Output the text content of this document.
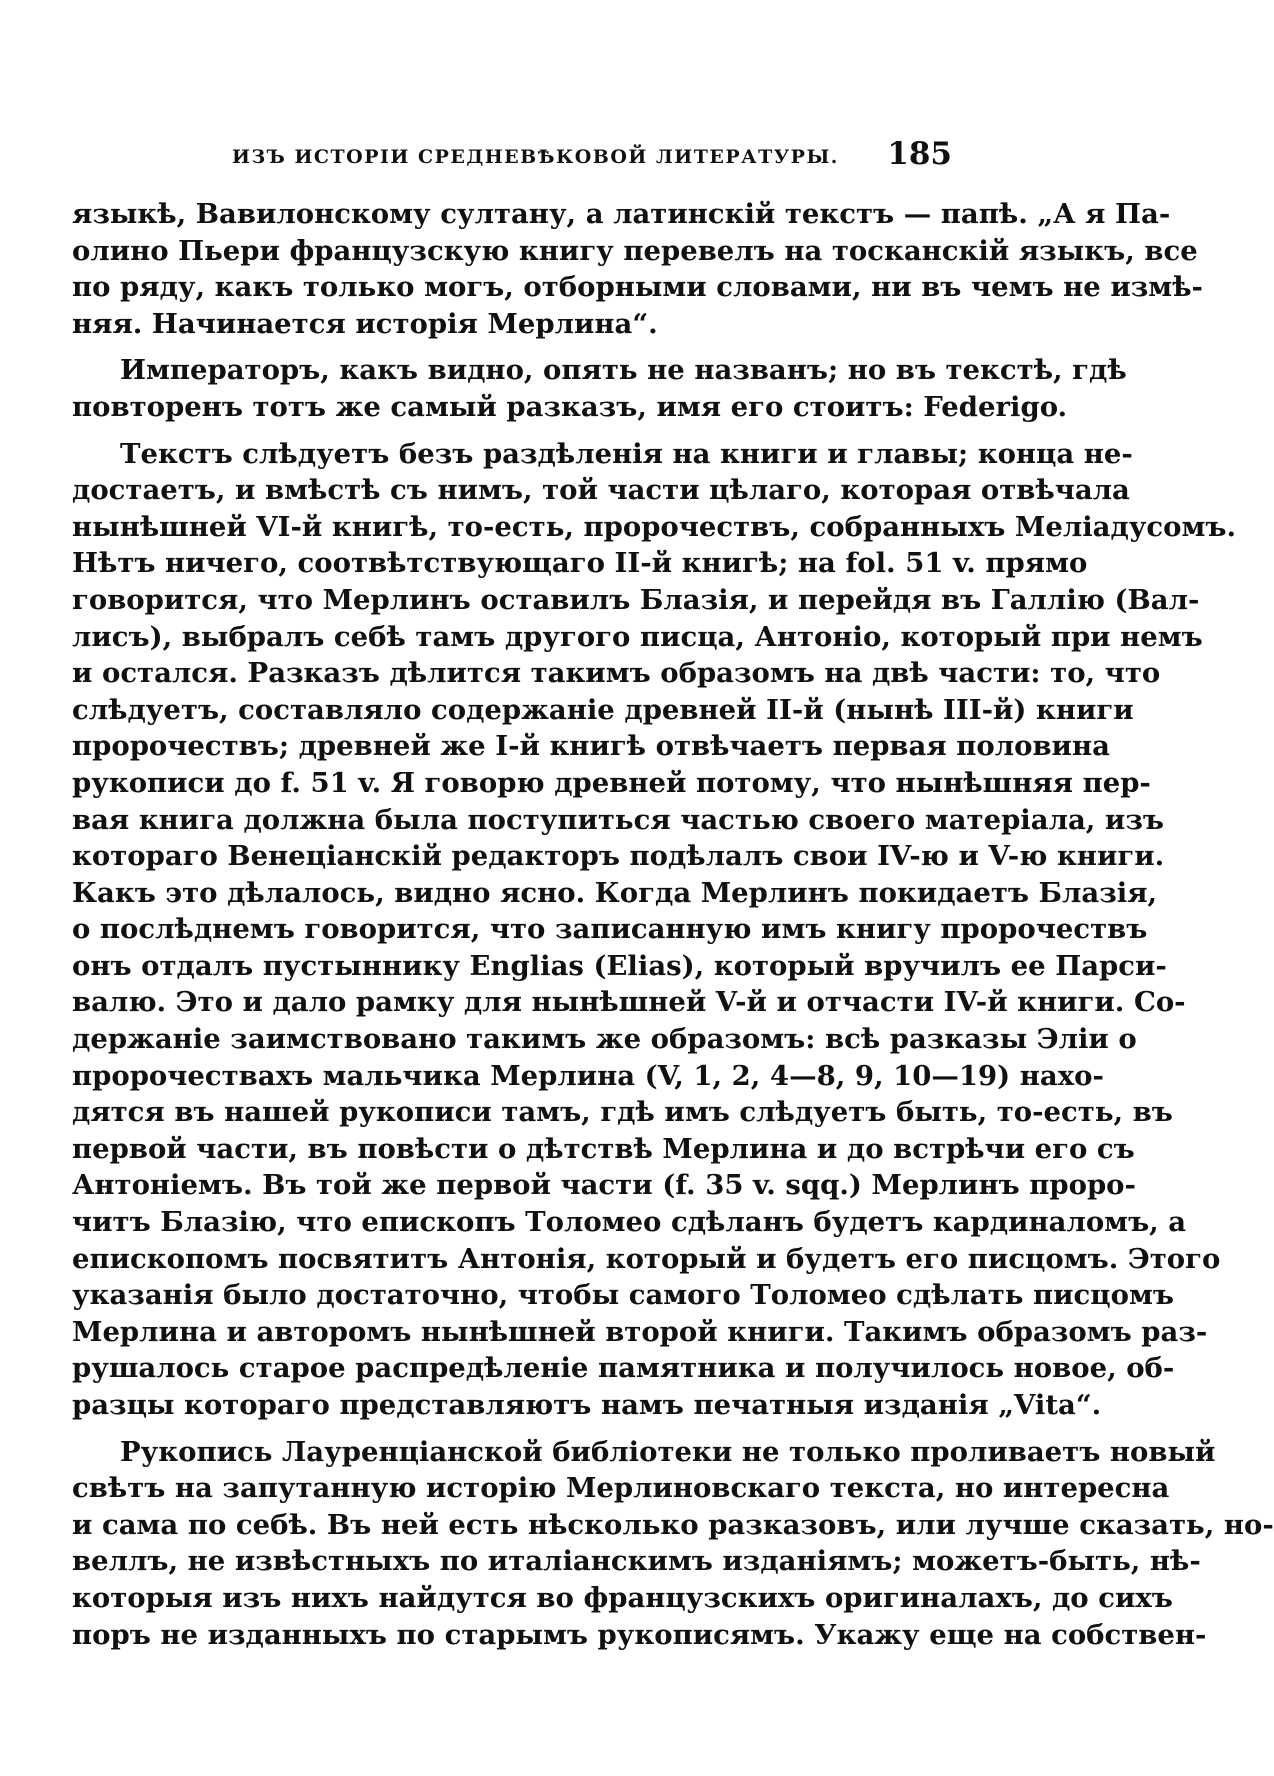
ИЗЪ ИСТОРІИ СРЕДНЕВѢКОВОЙ ЛИТЕРАТУРЫ. 185
языкѣ, Вавилонскому султану, а латинскій текстъ — папѣ. „А я Па-
олино Пьери французскую книгу перевелъ на тосканскій языкъ, все
по ряду, какъ только могъ, отборными словами, ни въ чемъ не измѣ-
няя. Начинается исторія Мерлина“.
Императоръ, какъ видно, опять не названъ; но въ текстѣ, гдѣ
повторенъ тотъ же самый разказъ, имя его стоитъ: Federigo.
Текстъ слѣдуетъ безъ раздѣленія на книги и главы; конца не-
достаетъ, и вмѣстѣ съ нимъ, той части цѣлаго, которая отвѣчала
нынѣшней VI-й книгѣ, то-есть, пророчествъ, собранныхъ Меліадусомъ.
Нѣтъ ничего, соотвѣтствующаго II-й книгѣ; на fol. 51 v. прямо
говорится, что Мерлинъ оставилъ Блазія, и перейдя въ Галлію (Вал-
лисъ), выбралъ себѣ тамъ другого писца, Антоніо, который при немъ
и остался. Разказъ дѣлится такимъ образомъ на двѣ части: то, что
слѣдуетъ, составляло содержаніе древней II-й (нынѣ III-й) книги
пророчествъ; древней же I-й книгѣ отвѣчаетъ первая половина
рукописи до f. 51 v. Я говорю древней потому, что нынѣшняя пер-
вая книга должна была поступиться частью своего матеріала, изъ
котораго Венеціанскій редакторъ подѣлалъ свои IV-ю и V-ю книги.
Какъ это дѣлалось, видно ясно. Когда Мерлинъ покидаетъ Блазія,
о послѣднемъ говорится, что записанную имъ книгу пророчествъ
онъ отдалъ пустыннику Englias (Elias), который вручилъ ее Парси-
валю. Это и дало рамку для нынѣшней V-й и отчасти IV-й книги. Со-
держаніе заимствовано такимъ же образомъ: всѣ разказы Эліи о
пророчествахъ мальчика Мерлина (V, 1, 2, 4—8, 9, 10—19) нахо-
дятся въ нашей рукописи тамъ, гдѣ имъ слѣдуетъ быть, то-есть, въ
первой части, въ повѣсти о дѣтствѣ Мерлина и до встрѣчи его съ
Антоніемъ. Въ той же первой части (f. 35 v. sqq.) Мерлинъ проро-
читъ Блазію, что епископъ Толомео сдѣланъ будетъ кардиналомъ, а
епископомъ посвятитъ Антонія, который и будетъ его писцомъ. Этого
указанія было достаточно, чтобы самого Толомео сдѣлать писцомъ
Мерлина и авторомъ нынѣшней второй книги. Такимъ образомъ раз-
рушалось старое распредѣленіе памятника и получилось новое, об-
разцы котораго представляютъ намъ печатныя изданія „Vita“.
Рукопись Лауренціанской библіотеки не только проливаетъ новый
свѣтъ на запутанную исторію Мерлиновскаго текста, но интересна
и сама по себѣ. Въ ней есть нѣсколько разказовъ, или лучше сказать, но-
веллъ, не извѣстныхъ по италіанскимъ изданіямъ; можетъ-быть, нѣ-
которыя изъ нихъ найдутся во французскихъ оригиналахъ, до сихъ
поръ не изданныхъ по старымъ рукописямъ. Укажу еще на собствен-
